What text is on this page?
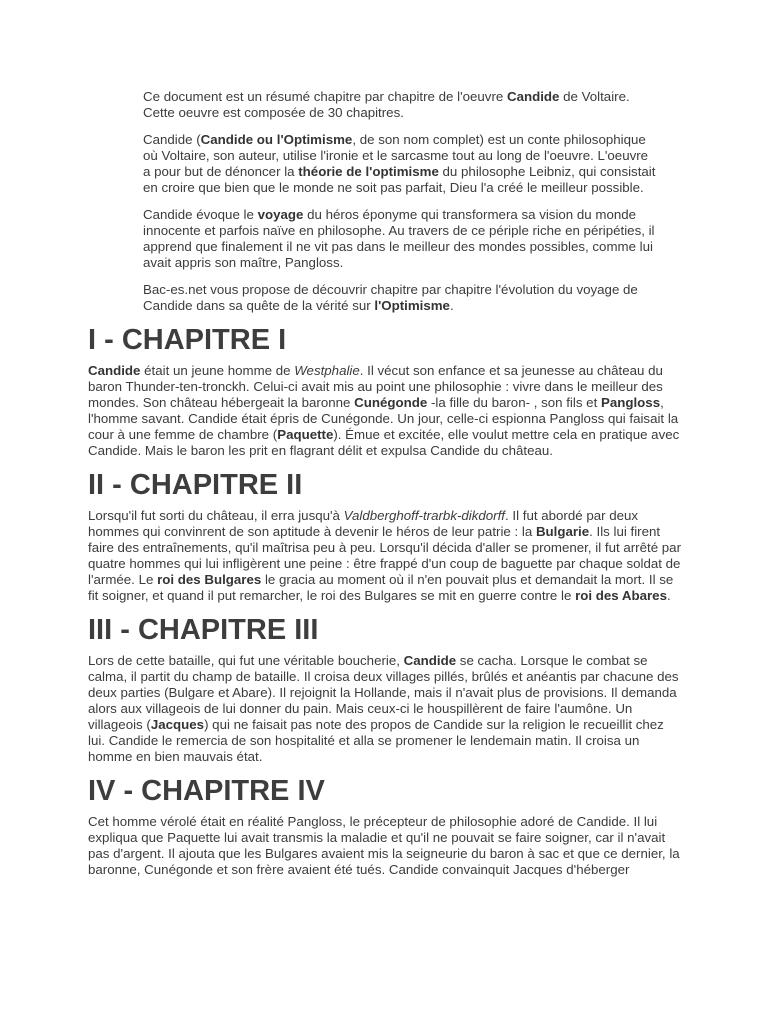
Ce document est un résumé chapitre par chapitre de l'oeuvre Candide de Voltaire. Cette oeuvre est composée de 30 chapitres.

Candide (Candide ou l'Optimisme, de son nom complet) est un conte philosophique où Voltaire, son auteur, utilise l'ironie et le sarcasme tout au long de l'oeuvre. L'oeuvre a pour but de dénoncer la théorie de l'optimisme du philosophe Leibniz, qui consistait en croire que bien que le monde ne soit pas parfait, Dieu l'a créé le meilleur possible.

Candide évoque le voyage du héros éponyme qui transformera sa vision du monde innocente et parfois naïve en philosophe. Au travers de ce périple riche en péripéties, il apprend que finalement il ne vit pas dans le meilleur des mondes possibles, comme lui avait appris son maître, Pangloss.

Bac-es.net vous propose de découvrir chapitre par chapitre l'évolution du voyage de Candide dans sa quête de la vérité sur l'Optimisme.

I - CHAPITRE I

Candide était un jeune homme de Westphalie. Il vécut son enfance et sa jeunesse au château du baron Thunder-ten-tronckh. Celui-ci avait mis au point une philosophie : vivre dans le meilleur des mondes. Son château hébergeait la baronne Cunégonde -la fille du baron- , son fils et Pangloss, l'homme savant. Candide était épris de Cunégonde. Un jour, celle-ci espionna Pangloss qui faisait la cour à une femme de chambre (Paquette). Émue et excitée, elle voulut mettre cela en pratique avec Candide. Mais le baron les prit en flagrant délit et expulsa Candide du château.

II - CHAPITRE II

Lorsqu'il fut sorti du château, il erra jusqu'à Valdberghoff-trarbk-dikdorff. Il fut abordé par deux hommes qui convinrent de son aptitude à devenir le héros de leur patrie : la Bulgarie. Ils lui firent faire des entraînements, qu'il maîtrisa peu à peu. Lorsqu'il décida d'aller se promener, il fut arrêté par quatre hommes qui lui infligèrent une peine : être frappé d'un coup de baguette par chaque soldat de l'armée. Le roi des Bulgares le gracia au moment où il n'en pouvait plus et demandait la mort. Il se fit soigner, et quand il put remarcher, le roi des Bulgares se mit en guerre contre le roi des Abares.

III - CHAPITRE III

Lors de cette bataille, qui fut une véritable boucherie, Candide se cacha. Lorsque le combat se calma, il partit du champ de bataille. Il croisa deux villages pillés, brûlés et anéantis par chacune des deux parties (Bulgare et Abare). Il rejoignit la Hollande, mais il n'avait plus de provisions. Il demanda alors aux villageois de lui donner du pain. Mais ceux-ci le houspillèrent de faire l'aumône. Un villageois (Jacques) qui ne faisait pas note des propos de Candide sur la religion le recueillit chez lui. Candide le remercia de son hospitalité et alla se promener le lendemain matin. Il croisa un homme en bien mauvais état.

IV - CHAPITRE IV

Cet homme vérolé était en réalité Pangloss, le précepteur de philosophie adoré de Candide. Il lui expliqua que Paquette lui avait transmis la maladie et qu'il ne pouvait se faire soigner, car il n'avait pas d'argent. Il ajouta que les Bulgares avaient mis la seigneurie du baron à sac et que ce dernier, la baronne, Cunégonde et son frère avaient été tués. Candide convainquit Jacques d'héberger
